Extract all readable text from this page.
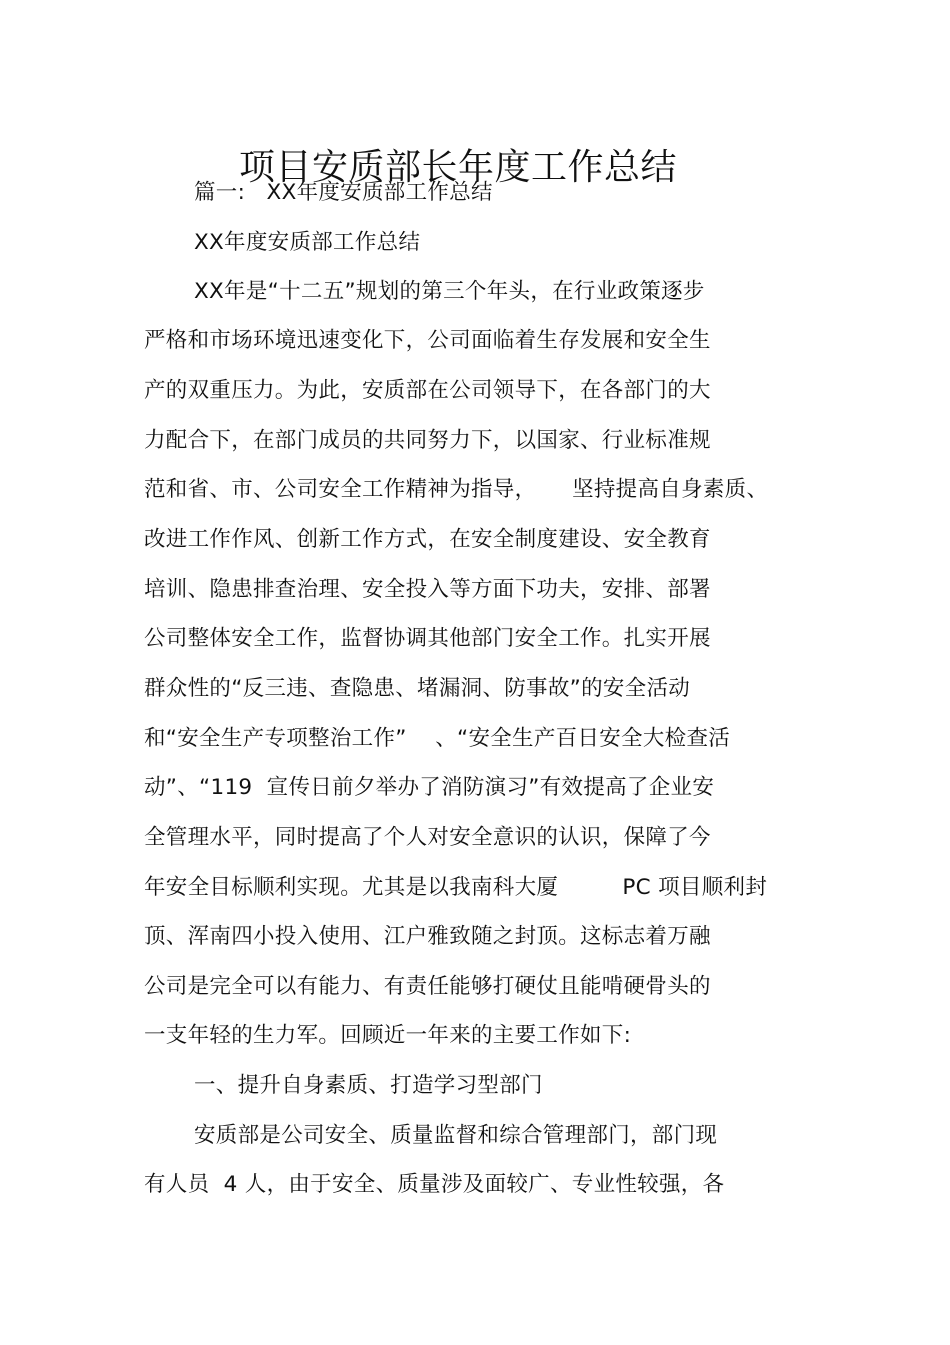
项目安质部长年度工作总结
篇一:   XX年度安质部工作总结
XX年度安质部工作总结
XX年是“十二五”规划的第三个年头，在行业政策逐步
严格和市场环境迅速变化下，公司面临着生存发展和安全生
产的双重压力。为此，安质部在公司领导下，在各部门的大
力配合下，在部门成员的共同努力下，以国家、行业标准规
范和省、市、公司安全工作精神为指导，     坚持提高自身素质、
改进工作作风、创新工作方式，在安全制度建设、安全教育
培训、隐患排查治理、安全投入等方面下功夫，安排、部署
公司整体安全工作，监督协调其他部门安全工作。扎实开展
群众性的“反三违、查隐患、堵漏洞、防事故”的安全活动
和“安全生产专项整治工作”    、“安全生产百日安全大检查活
动”、“119  宣传日前夕举办了消防演习”有效提高了企业安
全管理水平，同时提高了个人对安全意识的认识，保障了今
年安全目标顺利实现。尤其是以我南科大厦         PC 项目顺利封
顶、浑南四小投入使用、江户雅致随之封顶。这标志着万融
公司是完全可以有能力、有责任能够打硬仗且能啃硬骨头的
一支年轻的生力军。回顾近一年来的主要工作如下:
一、提升自身素质、打造学习型部门
安质部是公司安全、质量监督和综合管理部门，部门现
有人员  4 人，由于安全、质量涉及面较广、专业性较强，各
